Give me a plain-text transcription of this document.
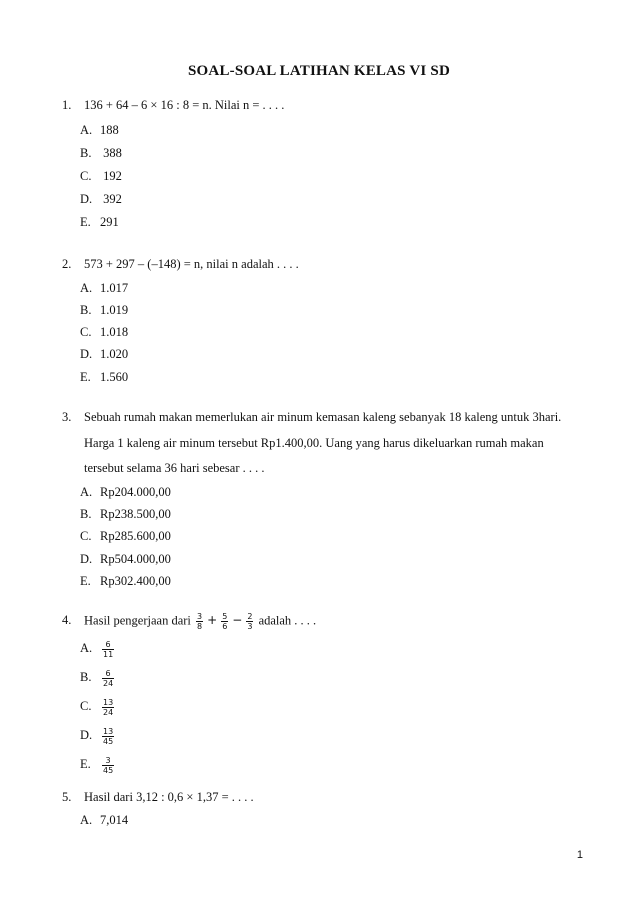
SOAL-SOAL LATIHAN KELAS VI SD
1. 136 + 64 – 6 × 16 : 8 = n. Nilai n = . . . .
A. 188
B. 388
C. 192
D. 392
E. 291
2. 573 + 297 – (–148) = n, nilai n adalah . . . .
A. 1.017
B. 1.019
C. 1.018
D. 1.020
E. 1.560
3. Sebuah rumah makan memerlukan air minum kemasan kaleng sebanyak 18 kaleng untuk 3hari.
Harga 1 kaleng air minum tersebut Rp1.400,00. Uang yang harus dikeluarkan rumah makan
tersebut selama 36 hari sebesar . . . .
A. Rp204.000,00
B. Rp238.500,00
C. Rp285.600,00
D. Rp504.000,00
E. Rp302.400,00
4. Hasil pengerjaan dari $\frac{3}{8} + \frac{5}{6} - \frac{2}{3}$ adalah . . . .
A. $\frac{6}{11}$
B. $\frac{6}{24}$
C. $\frac{13}{24}$
D. $\frac{13}{45}$
E. $\frac{3}{45}$
5. Hasil dari 3,12 : 0,6 × 1,37 = . . . .
A. 7,014
1
